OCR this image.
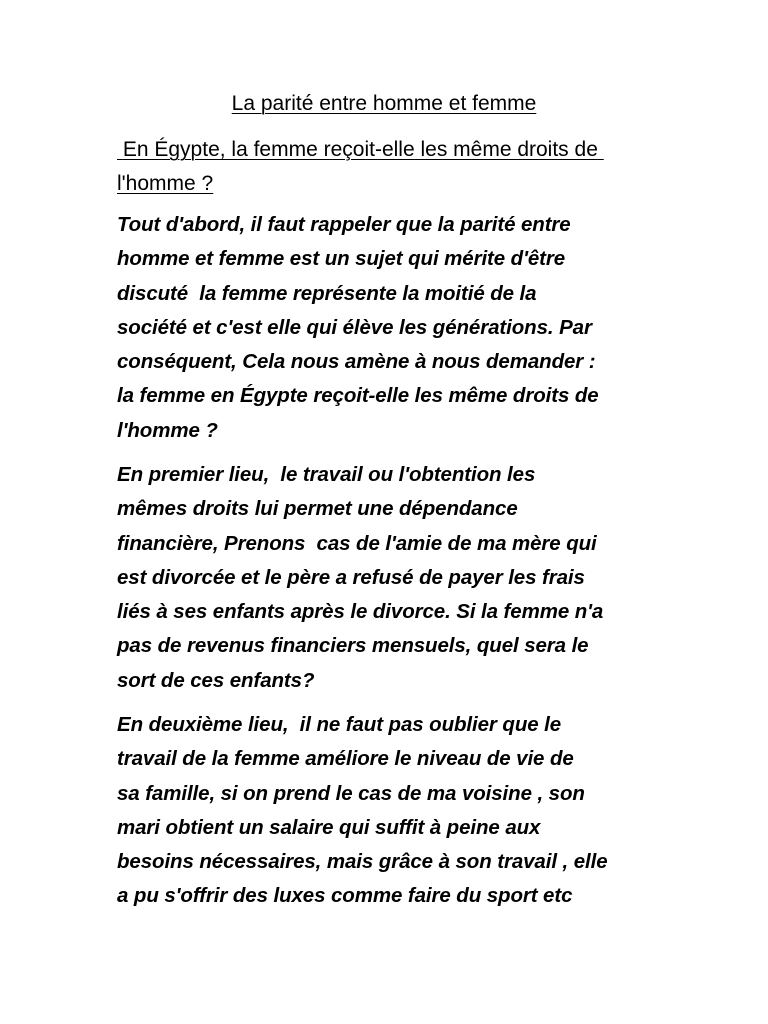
La parité entre homme et femme
En Égypte, la femme reçoit-elle les même droits de l'homme ?
Tout d'abord, il faut rappeler que la parité entre
homme et femme est un sujet qui mérite d'être
discuté  la femme représente la moitié de la
société et c'est elle qui élève les générations. Par
conséquent, Cela nous amène à nous demander :
la femme en Égypte reçoit-elle les même droits de
l'homme ?
En premier lieu,  le travail ou l'obtention les
mêmes droits lui permet une dépendance
financière, Prenons  cas de l'amie de ma mère qui
est divorcée et le père a refusé de payer les frais
liés à ses enfants après le divorce. Si la femme n'a
pas de revenus financiers mensuels, quel sera le
sort de ces enfants?
En deuxième lieu,  il ne faut pas oublier que le
travail de la femme améliore le niveau de vie de
sa famille, si on prend le cas de ma voisine , son
mari obtient un salaire qui suffit à peine aux
besoins nécessaires, mais grâce à son travail , elle
a pu s'offrir des luxes comme faire du sport etc
